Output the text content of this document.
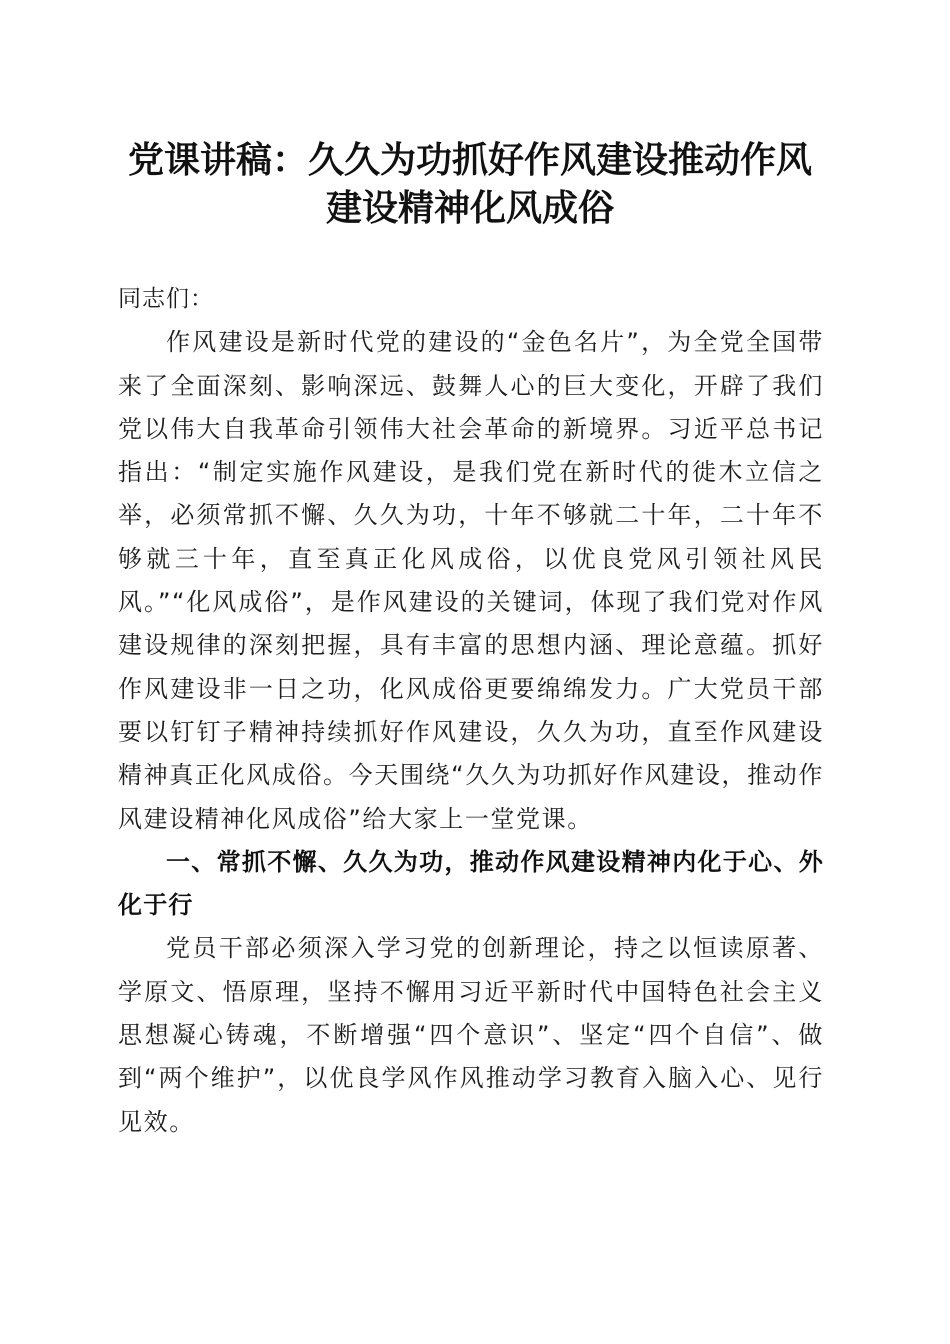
党课讲稿：久久为功抓好作风建设推动作风建设精神化风成俗

同志们：

作风建设是新时代党的建设的“金色名片”，为全党全国带来了全面深刻、影响深远、鼓舞人心的巨大变化，开辟了我们党以伟大自我革命引领伟大社会革命的新境界。习近平总书记指出：“制定实施作风建设，是我们党在新时代的徙木立信之举，必须常抓不懈、久久为功，十年不够就二十年，二十年不够就三十年，直至真正化风成俗，以优良党风引领社风民风。”“化风成俗”，是作风建设的关键词，体现了我们党对作风建设规律的深刻把握，具有丰富的思想内涵、理论意蕴。抓好作风建设非一日之功，化风成俗更要绵绵发力。广大党员干部要以钉钉子精神持续抓好作风建设，久久为功，直至作风建设精神真正化风成俗。今天围绕“久久为功抓好作风建设，推动作风建设精神化风成俗”给大家上一堂党课。

一、常抓不懈、久久为功，推动作风建设精神内化于心、外化于行

党员干部必须深入学习党的创新理论，持之以恒读原著、学原文、悟原理，坚持不懈用习近平新时代中国特色社会主义思想凝心铸魂，不断增强“四个意识”、坚定“四个自信”、做到“两个维护”，以优良学风作风推动学习教育入脑入心、见行见效。
